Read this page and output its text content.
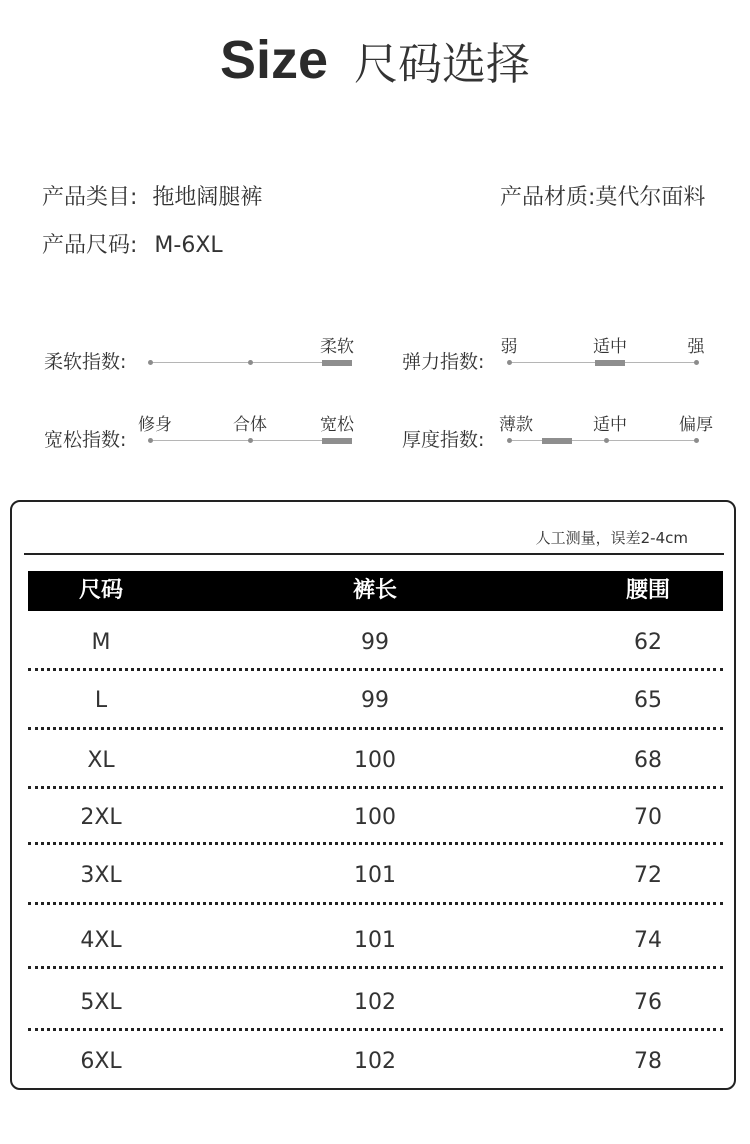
Size 尺码选择
产品类目: 拖地阔腿裤	产品材质:莫代尔面料
产品尺码: M-6XL
柔软指数:
柔软
弹力指数:
弱	适中	强
宽松指数:
修身	合体	宽松
厚度指数:
薄款	适中	偏厚
人工测量，误差2-4cm
尺码	裤长	腰围
M	99	62
L	99	65
XL	100	68
2XL	100	70
3XL	101	72
4XL	101	74
5XL	102	76
6XL	102	78
